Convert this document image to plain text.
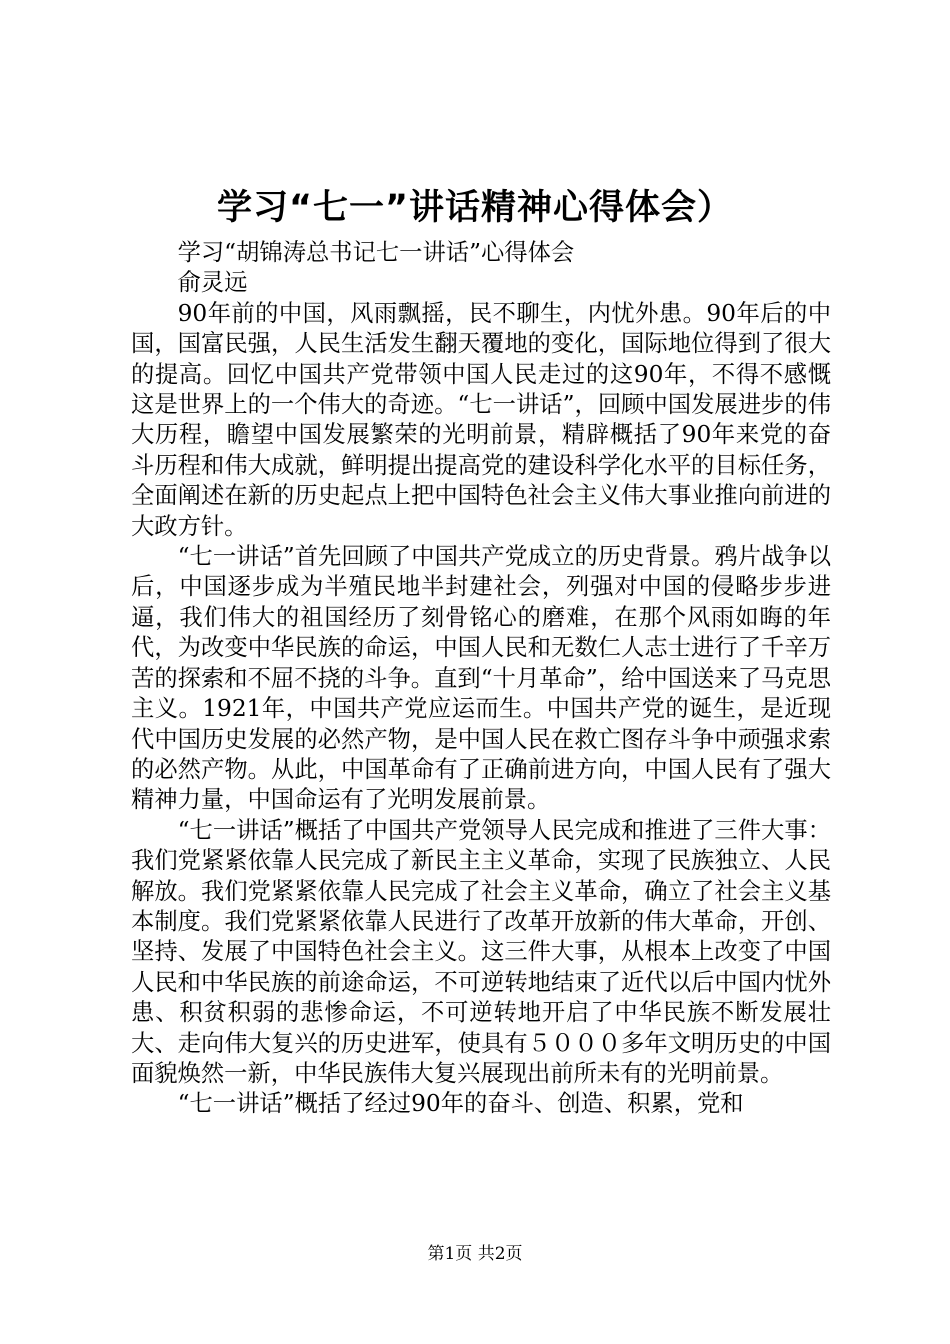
学习“七一”讲话精神心得体会）

学习“胡锦涛总书记七一讲话”心得体会

俞灵远

90年前的中国，风雨飘摇，民不聊生，内忧外患。90年后的中国，国富民强，人民生活发生翻天覆地的变化，国际地位得到了很大的提高。回忆中国共产党带领中国人民走过的这90年，不得不感慨这是世界上的一个伟大的奇迹。“七一讲话”，回顾中国发展进步的伟大历程，瞻望中国发展繁荣的光明前景，精辟概括了90年来党的奋斗历程和伟大成就，鲜明提出提高党的建设科学化水平的目标任务，全面阐述在新的历史起点上把中国特色社会主义伟大事业推向前进的大政方针。

“七一讲话”首先回顾了中国共产党成立的历史背景。鸦片战争以后，中国逐步成为半殖民地半封建社会，列强对中国的侵略步步进逼，我们伟大的祖国经历了刻骨铭心的磨难，在那个风雨如晦的年代，为改变中华民族的命运，中国人民和无数仁人志士进行了千辛万苦的探索和不屈不挠的斗争。直到“十月革命”，给中国送来了马克思主义。1921年，中国共产党应运而生。中国共产党的诞生，是近现代中国历史发展的必然产物，是中国人民在救亡图存斗争中顽强求索的必然产物。从此，中国革命有了正确前进方向，中国人民有了强大精神力量，中国命运有了光明发展前景。

“七一讲话”概括了中国共产党领导人民完成和推进了三件大事：我们党紧紧依靠人民完成了新民主主义革命，实现了民族独立、人民解放。我们党紧紧依靠人民完成了社会主义革命，确立了社会主义基本制度。我们党紧紧依靠人民进行了改革开放新的伟大革命，开创、坚持、发展了中国特色社会主义。这三件大事，从根本上改变了中国人民和中华民族的前途命运，不可逆转地结束了近代以后中国内忧外患、积贫积弱的悲惨命运，不可逆转地开启了中华民族不断发展壮大、走向伟大复兴的历史进军，使具有５０００多年文明历史的中国面貌焕然一新，中华民族伟大复兴展现出前所未有的光明前景。

“七一讲话”概括了经过90年的奋斗、创造、积累，党和

第1页 共2页
